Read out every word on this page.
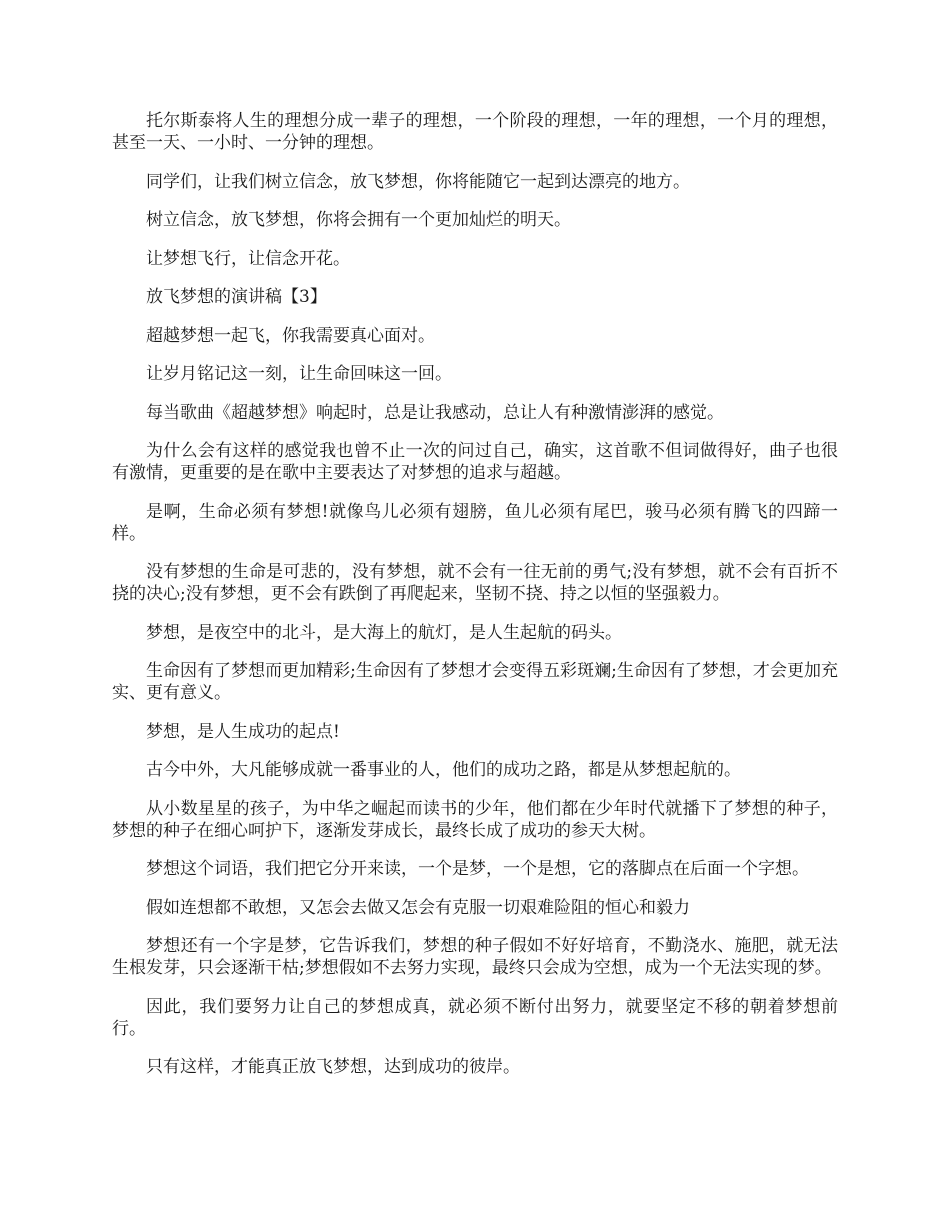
托尔斯泰将人生的理想分成一辈子的理想，一个阶段的理想，一年的理想，一个月的理想，甚至一天、一小时、一分钟的理想。

同学们，让我们树立信念，放飞梦想，你将能随它一起到达漂亮的地方。

树立信念，放飞梦想，你将会拥有一个更加灿烂的明天。

让梦想飞行，让信念开花。

放飞梦想的演讲稿【3】

超越梦想一起飞，你我需要真心面对。

让岁月铭记这一刻，让生命回味这一回。

每当歌曲《超越梦想》响起时，总是让我感动，总让人有种激情澎湃的感觉。

为什么会有这样的感觉我也曾不止一次的问过自己，确实，这首歌不但词做得好，曲子也很有激情，更重要的是在歌中主要表达了对梦想的追求与超越。

是啊，生命必须有梦想!就像鸟儿必须有翅膀，鱼儿必须有尾巴，骏马必须有腾飞的四蹄一样。

没有梦想的生命是可悲的，没有梦想，就不会有一往无前的勇气;没有梦想，就不会有百折不挠的决心;没有梦想，更不会有跌倒了再爬起来，坚韧不挠、持之以恒的坚强毅力。

梦想，是夜空中的北斗，是大海上的航灯，是人生起航的码头。

生命因有了梦想而更加精彩;生命因有了梦想才会变得五彩斑斓;生命因有了梦想，才会更加充实、更有意义。

梦想，是人生成功的起点!

古今中外，大凡能够成就一番事业的人，他们的成功之路，都是从梦想起航的。

从小数星星的孩子，为中华之崛起而读书的少年，他们都在少年时代就播下了梦想的种子，梦想的种子在细心呵护下，逐渐发芽成长，最终长成了成功的参天大树。

梦想这个词语，我们把它分开来读，一个是梦，一个是想，它的落脚点在后面一个字想。

假如连想都不敢想，又怎会去做又怎会有克服一切艰难险阻的恒心和毅力

梦想还有一个字是梦，它告诉我们，梦想的种子假如不好好培育，不勤浇水、施肥，就无法生根发芽，只会逐渐干枯;梦想假如不去努力实现，最终只会成为空想，成为一个无法实现的梦。

因此，我们要努力让自己的梦想成真，就必须不断付出努力，就要坚定不移的朝着梦想前行。

只有这样，才能真正放飞梦想，达到成功的彼岸。
